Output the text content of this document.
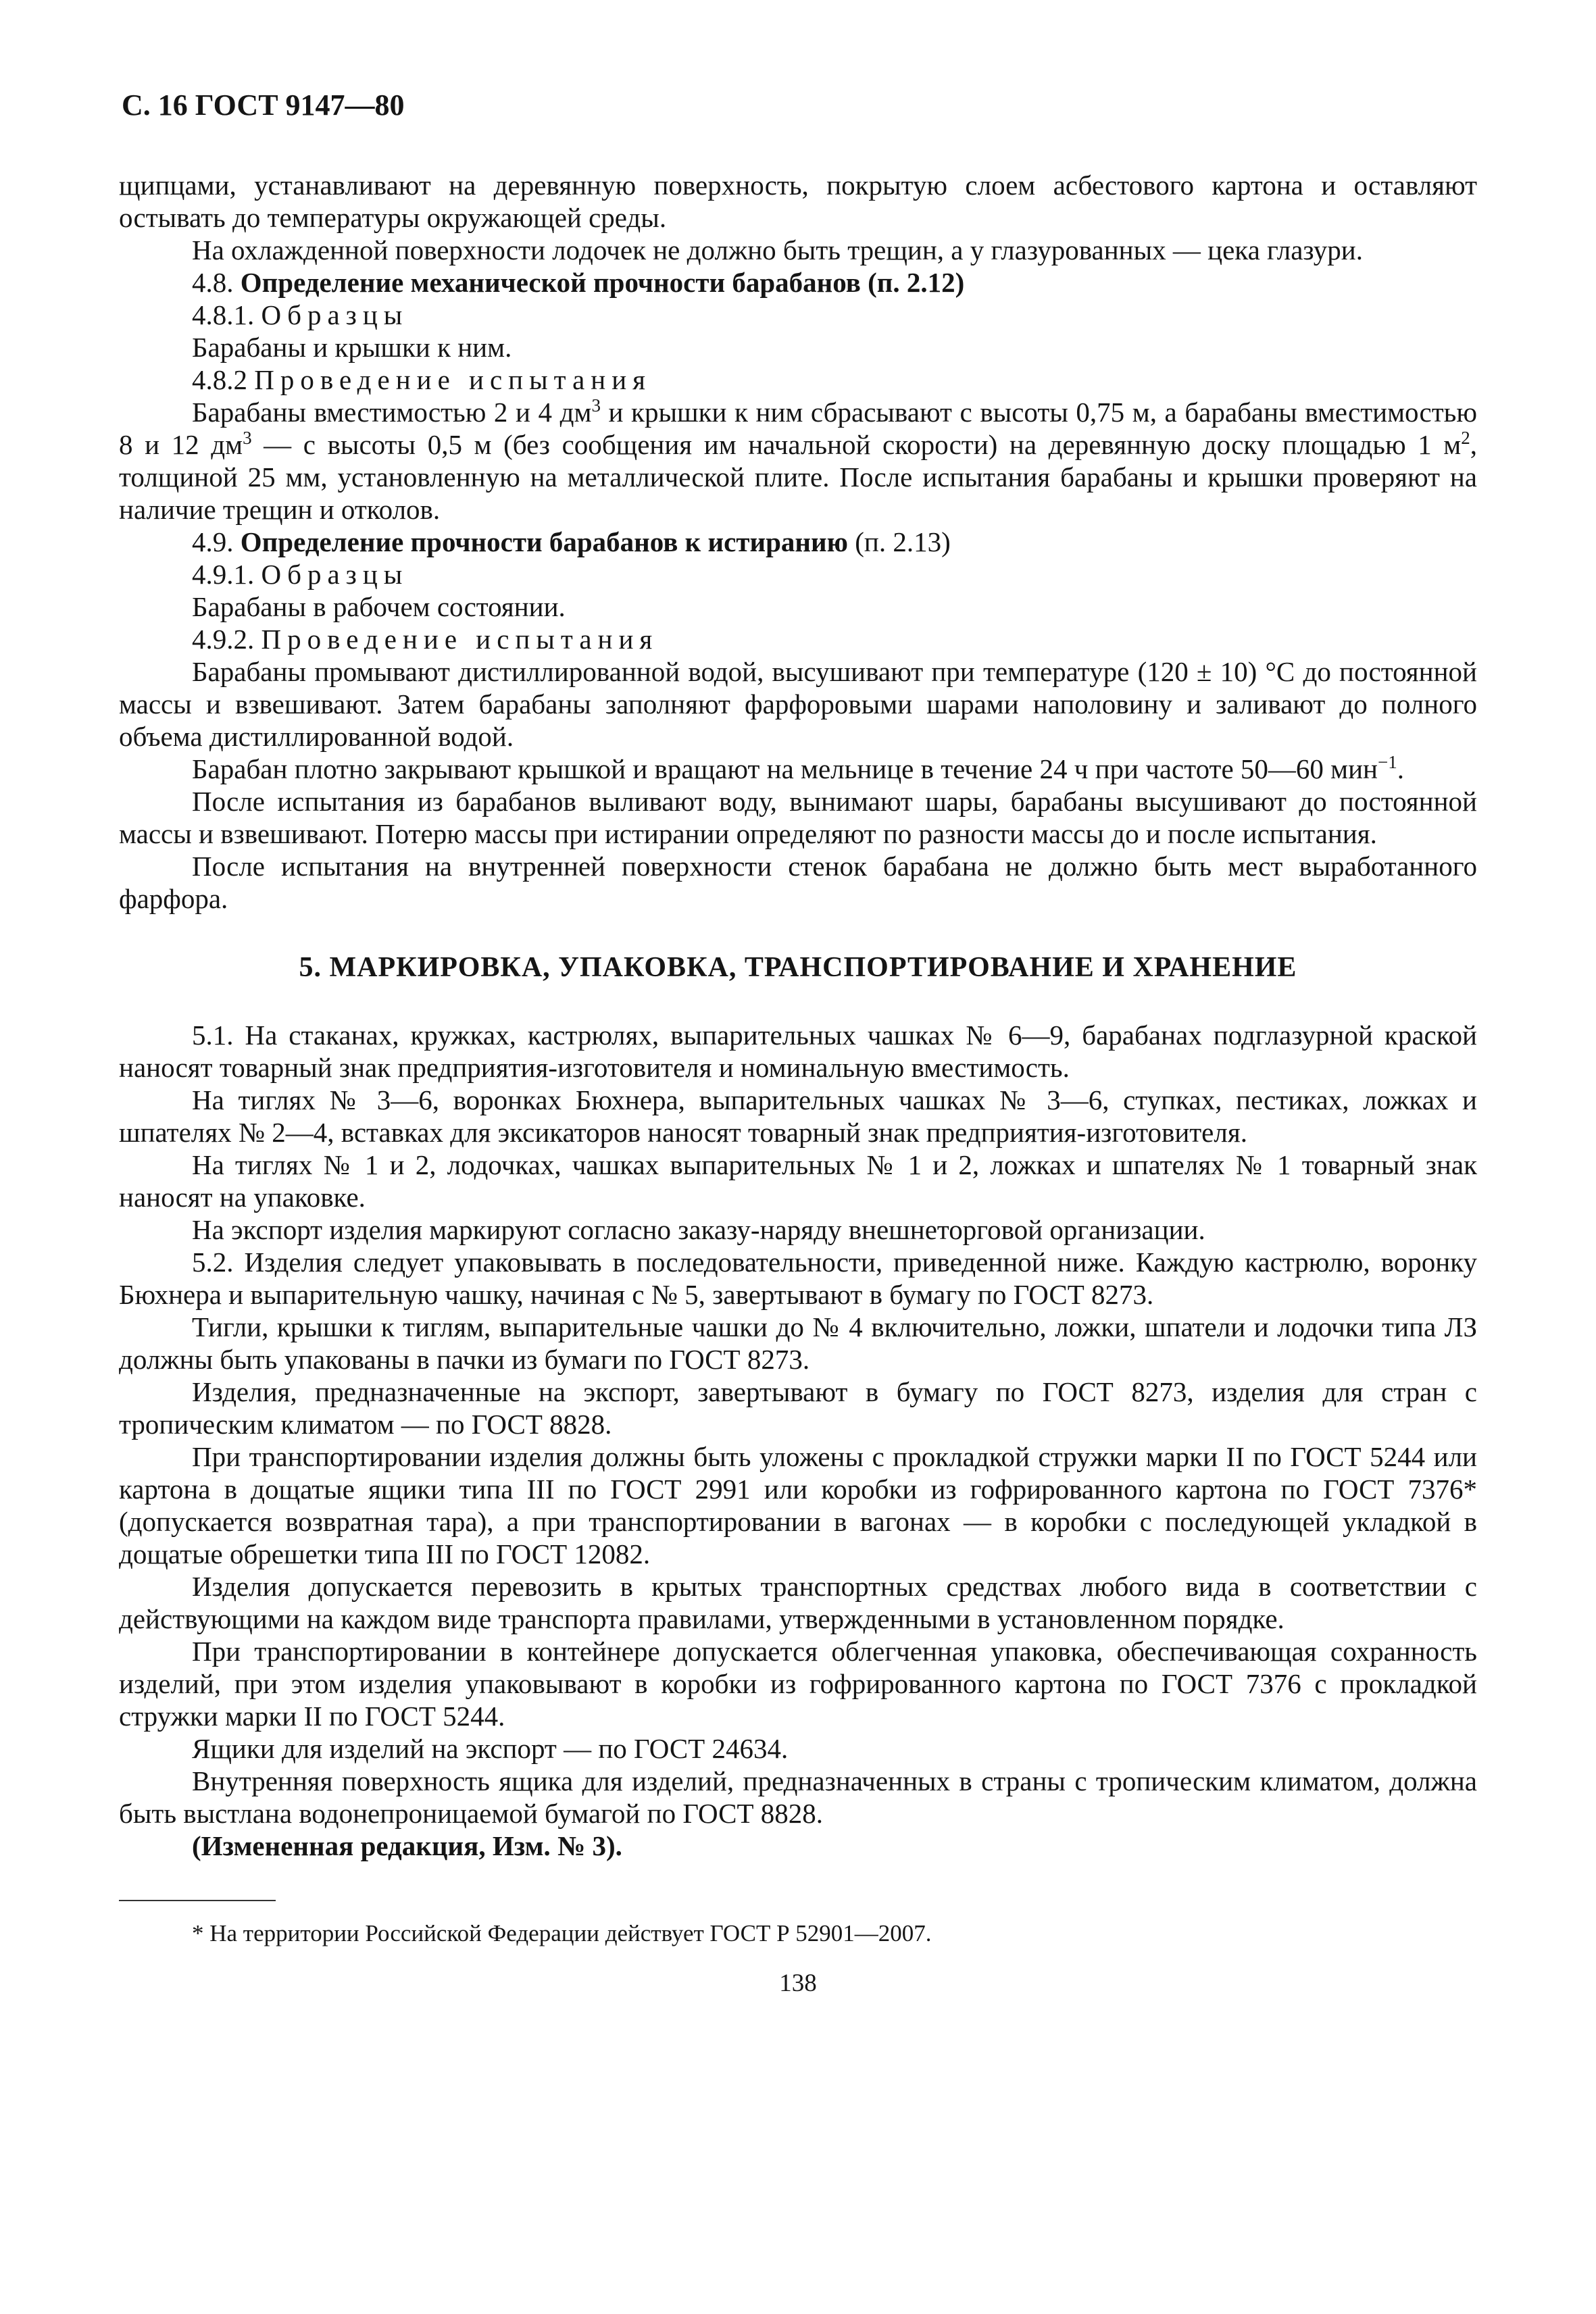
С. 16 ГОСТ 9147—80

щипцами, устанавливают на деревянную поверхность, покрытую слоем асбестового картона и оставляют остывать до температуры окружающей среды.

На охлажденной поверхности лодочек не должно быть трещин, а у глазурованных — цека глазури.

4.8. Определение механической прочности барабанов (п. 2.12)

4.8.1. Образцы

Барабаны и крышки к ним.

4.8.2 Проведение испытания

Барабаны вместимостью 2 и 4 $дм^3$ и крышки к ним сбрасывают с высоты 0,75 м, а барабаны вместимостью 8 и 12 $дм^3$ — с высоты 0,5 м (без сообщения им начальной скорости) на деревянную доску площадью 1 $м^2$, толщиной 25 мм, установленную на металлической плите. После испытания барабаны и крышки проверяют на наличие трещин и отколов.

4.9. Определение прочности барабанов к истиранию (п. 2.13)

4.9.1. Образцы

Барабаны в рабочем состоянии.

4.9.2. Проведение испытания

Барабаны промывают дистиллированной водой, высушивают при температуре (120 ± 10) °С до постоянной массы и взвешивают. Затем барабаны заполняют фарфоровыми шарами наполовину и заливают до полного объема дистиллированной водой.

Барабан плотно закрывают крышкой и вращают на мельнице в течение 24 ч при частоте 50—60 мин$^{-1}$.

После испытания из барабанов выливают воду, вынимают шары, барабаны высушивают до постоянной массы и взвешивают. Потерю массы при истирании определяют по разности массы до и после испытания.

После испытания на внутренней поверхности стенок барабана не должно быть мест выработанного фарфора.

5. МАРКИРОВКА, УПАКОВКА, ТРАНСПОРТИРОВАНИЕ И ХРАНЕНИЕ

5.1. На стаканах, кружках, кастрюлях, выпарительных чашках № 6—9, барабанах подглазурной краской наносят товарный знак предприятия-изготовителя и номинальную вместимость.

На тиглях № 3—6, воронках Бюхнера, выпарительных чашках № 3—6, ступках, пестиках, ложках и шпателях № 2—4, вставках для эксикаторов наносят товарный знак предприятия-изготовителя.

На тиглях № 1 и 2, лодочках, чашках выпарительных № 1 и 2, ложках и шпателях № 1 товарный знак наносят на упаковке.

На экспорт изделия маркируют согласно заказу-наряду внешнеторговой организации.

5.2. Изделия следует упаковывать в последовательности, приведенной ниже. Каждую кастрюлю, воронку Бюхнера и выпарительную чашку, начиная с № 5, завертывают в бумагу по ГОСТ 8273.

Тигли, крышки к тиглям, выпарительные чашки до № 4 включительно, ложки, шпатели и лодочки типа ЛЗ должны быть упакованы в пачки из бумаги по ГОСТ 8273.

Изделия, предназначенные на экспорт, завертывают в бумагу по ГОСТ 8273, изделия для стран с тропическим климатом — по ГОСТ 8828.

При транспортировании изделия должны быть уложены с прокладкой стружки марки II по ГОСТ 5244 или картона в дощатые ящики типа III по ГОСТ 2991 или коробки из гофрированного картона по ГОСТ 7376* (допускается возвратная тара), а при транспортировании в вагонах — в коробки с последующей укладкой в дощатые обрешетки типа III по ГОСТ 12082.

Изделия допускается перевозить в крытых транспортных средствах любого вида в соответствии с действующими на каждом виде транспорта правилами, утвержденными в установленном порядке.

При транспортировании в контейнере допускается облегченная упаковка, обеспечивающая сохранность изделий, при этом изделия упаковывают в коробки из гофрированного картона по ГОСТ 7376 с прокладкой стружки марки II по ГОСТ 5244.

Ящики для изделий на экспорт — по ГОСТ 24634.

Внутренняя поверхность ящика для изделий, предназначенных в страны с тропическим климатом, должна быть выстлана водонепроницаемой бумагой по ГОСТ 8828.

(Измененная редакция, Изм. № 3).

* На территории Российской Федерации действует ГОСТ Р 52901—2007.

138
